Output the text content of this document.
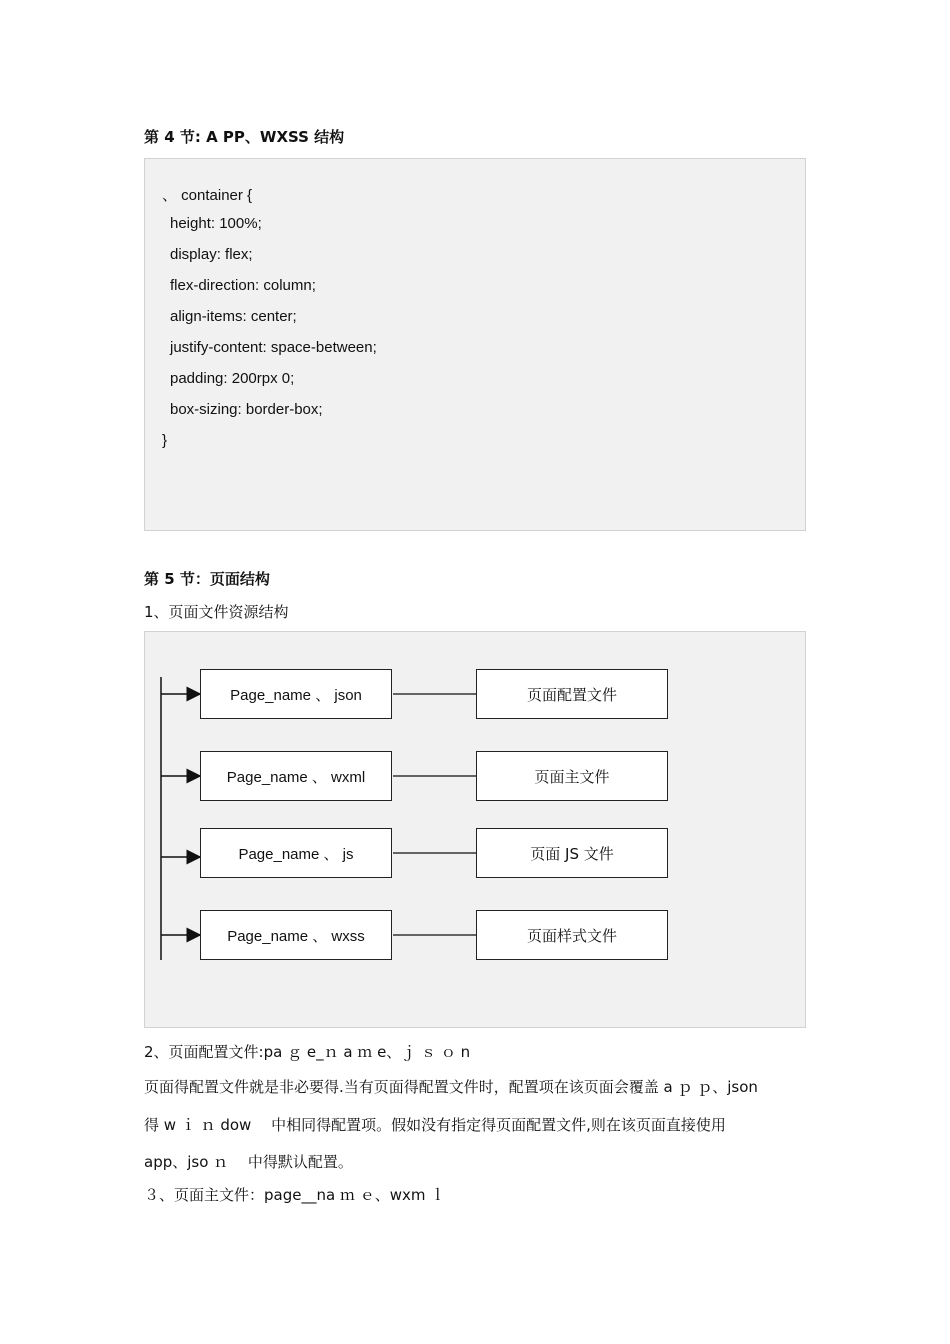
第 4 节: A PP、WXSS 结构
、 container {
height: 100%;
display: flex;
flex-direction: column;
align-items: center;
justify-content: space-between;
padding: 200rpx 0;
box-sizing: border-box;
}
第 5 节：页面结构
1、页面文件资源结构
Page_name 、 json	页面配置文件
Page_name 、 wxml	页面主文件
Page_name 、 js	页面 JS 文件
Page_name 、 wxss	页面样式文件
2、页面配置文件:pa ｇ e_ｎ a ｍ e、ｊ ｓ ｏ n
页面得配置文件就是非必要得.当有页面得配置文件时，配置项在该页面会覆盖 a ｐ ｐ、json
得 w ｉ ｎ dow　 中相同得配置项。假如没有指定得页面配置文件,则在该页面直接使用
app、jso ｎ　 中得默认配置。
３、页面主文件：page__na ｍ ｅ、wxm ｌ
